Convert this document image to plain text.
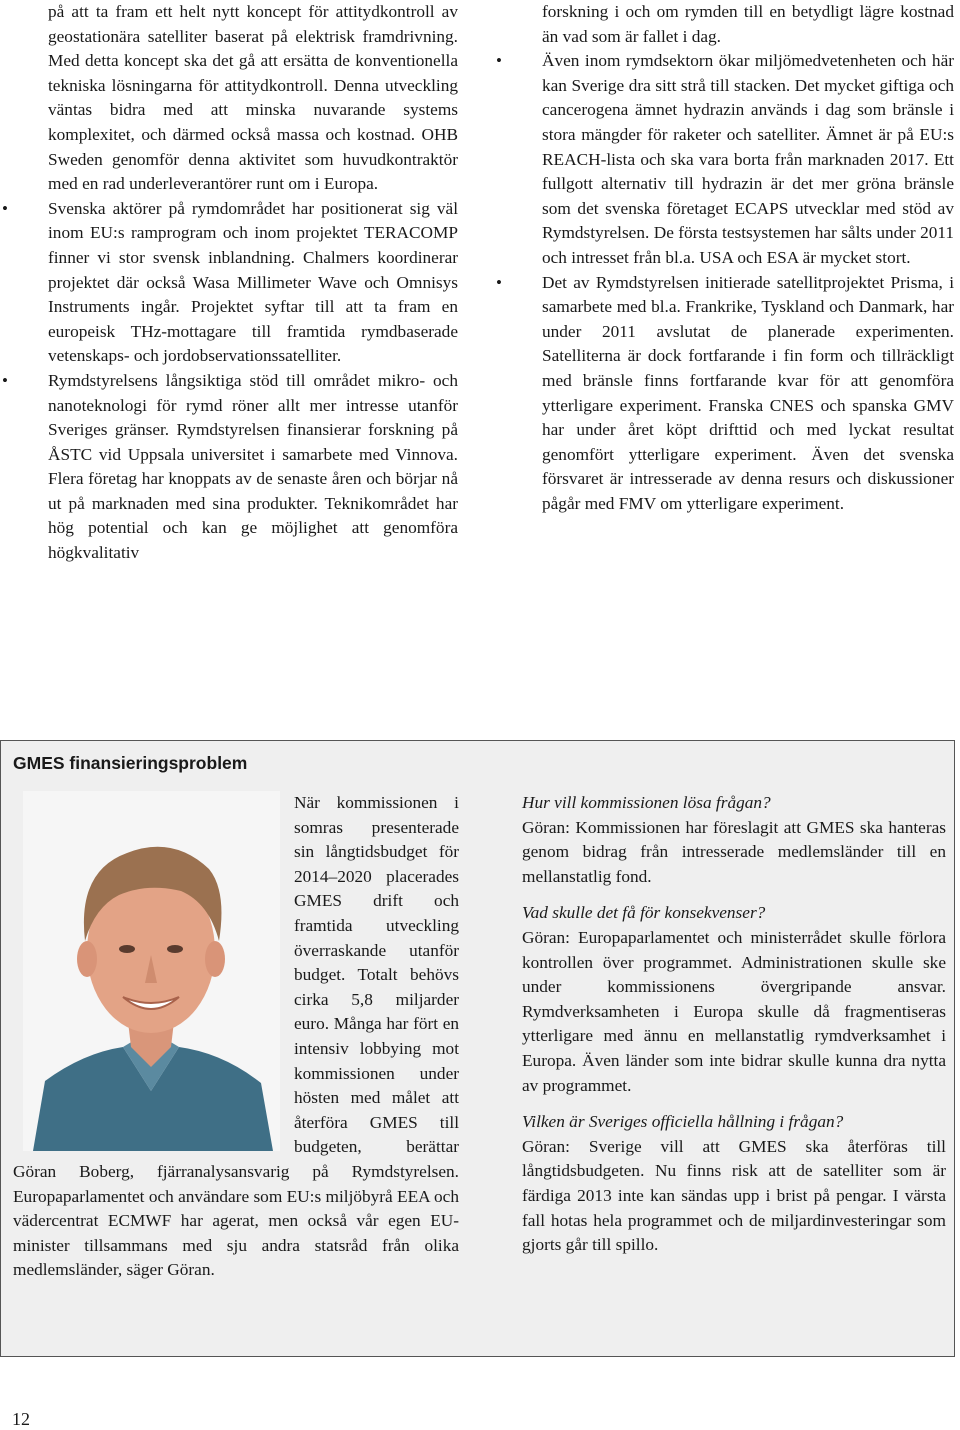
på att ta fram ett helt nytt koncept för attitydkontroll av geostationära satelliter baserat på elektrisk framdrivning. Med detta koncept ska det gå att ersätta de konventionella tekniska lösningarna för attitydkontroll. Denna utveckling väntas bidra med att minska nuvarande systems komplexitet, och därmed också massa och kostnad. OHB Sweden genomför denna aktivitet som huvudkontraktör med en rad underleverantörer runt om i Europa.

• Svenska aktörer på rymdområdet har positionerat sig väl inom EU:s ramprogram och inom projektet TERACOMP finner vi stor svensk inblandning. Chalmers koordinerar projektet där också Wasa Millimeter Wave och Omnisys Instruments ingår. Projektet syftar till att ta fram en europeisk THz-mottagare till framtida rymdbaserade vetenskaps- och jordobservationssatelliter.

• Rymdstyrelsens långsiktiga stöd till området mikro- och nanoteknologi för rymd röner allt mer intresse utanför Sveriges gränser. Rymdstyrelsen finansierar forskning på ÅSTC vid Uppsala universitet i samarbete med Vinnova. Flera företag har knoppats av de senaste åren och börjar nå ut på marknaden med sina produkter. Teknikområdet har hög potential och kan ge möjlighet att genomföra högkvalitativ

forskning i och om rymden till en betydligt lägre kostnad än vad som är fallet i dag.

• Även inom rymdsektorn ökar miljömedvetenheten och här kan Sverige dra sitt strå till stacken. Det mycket giftiga och cancerogena ämnet hydrazin används i dag som bränsle i stora mängder för raketer och satelliter. Ämnet är på EU:s REACH-lista och ska vara borta från marknaden 2017. Ett fullgott alternativ till hydrazin är det mer gröna bränsle som det svenska företaget ECAPS utvecklar med stöd av Rymdstyrelsen. De första testsystemen har sålts under 2011 och intresset från bl.a. USA och ESA är mycket stort.

• Det av Rymdstyrelsen initierade satellitprojektet Prisma, i samarbete med bl.a. Frankrike, Tyskland och Danmark, har under 2011 avslutat de planerade experimenten. Satelliterna är dock fortfarande i fin form och tillräckligt med bränsle finns fortfarande kvar för att genomföra ytterligare experiment. Franska CNES och spanska GMV har under året köpt drifttid och med lyckat resultat genomfört ytterligare experiment. Även det svenska försvaret är intresserade av denna resurs och diskussioner pågår med FMV om ytterligare experiment.

GMES finansieringsproblem

När kommissionen i somras presenterade sin långtidsbudget för 2014–2020 placerades GMES drift och framtida utveckling överraskande utanför budget. Totalt behövs cirka 5,8 miljarder euro. Många har fört en intensiv lobbying mot kommissionen under hösten med målet att återföra GMES till budgeten, berättar Göran Boberg, fjärranalysansvarig på Rymdstyrelsen. Europaparlamentet och användare som EU:s miljöbyrå EEA och vädercentrat ECMWF har agerat, men också vår egen EU-minister tillsammans med sju andra statsråd från olika medlemsländer, säger Göran.

Hur vill kommissionen lösa frågan?

Göran: Kommissionen har föreslagit att GMES ska hanteras genom bidrag från intresserade medlemsländer till en mellanstatlig fond.

Vad skulle det få för konsekvenser?

Göran: Europaparlamentet och ministerrådet skulle förlora kontrollen över programmet. Administrationen skulle ske under kommissionens övergripande ansvar. Rymdverksamheten i Europa skulle då fragmentiseras ytterligare med ännu en mellanstatlig rymdverksamhet i Europa. Även länder som inte bidrar skulle kunna dra nytta av programmet.

Vilken är Sveriges officiella hållning i frågan?

Göran: Sverige vill att GMES ska återföras till långtidsbudgeten. Nu finns risk att de satelliter som är färdiga 2013 inte kan sändas upp i brist på pengar. I värsta fall hotas hela programmet och de miljardinvesteringar som gjorts går till spillo.

12
